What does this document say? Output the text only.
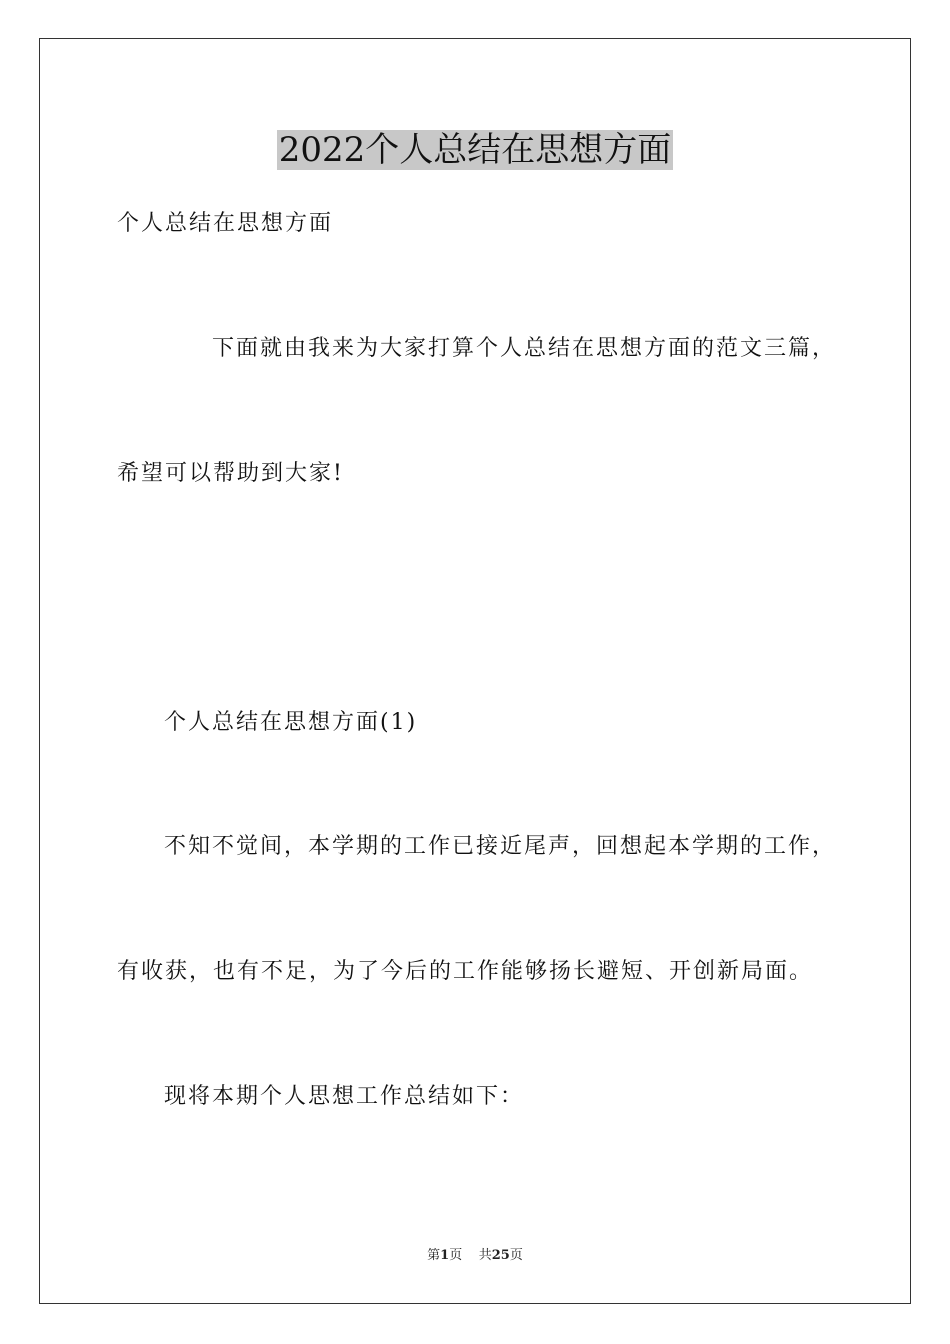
2022个人总结在思想方面
个人总结在思想方面
下面就由我来为大家打算个人总结在思想方面的范文三篇，
希望可以帮助到大家!
个人总结在思想方面(1)
不知不觉间，本学期的工作已接近尾声，回想起本学期的工作，
有收获，也有不足，为了今后的工作能够扬长避短、开创新局面。
现将本期个人思想工作总结如下：
第1页 共25页
